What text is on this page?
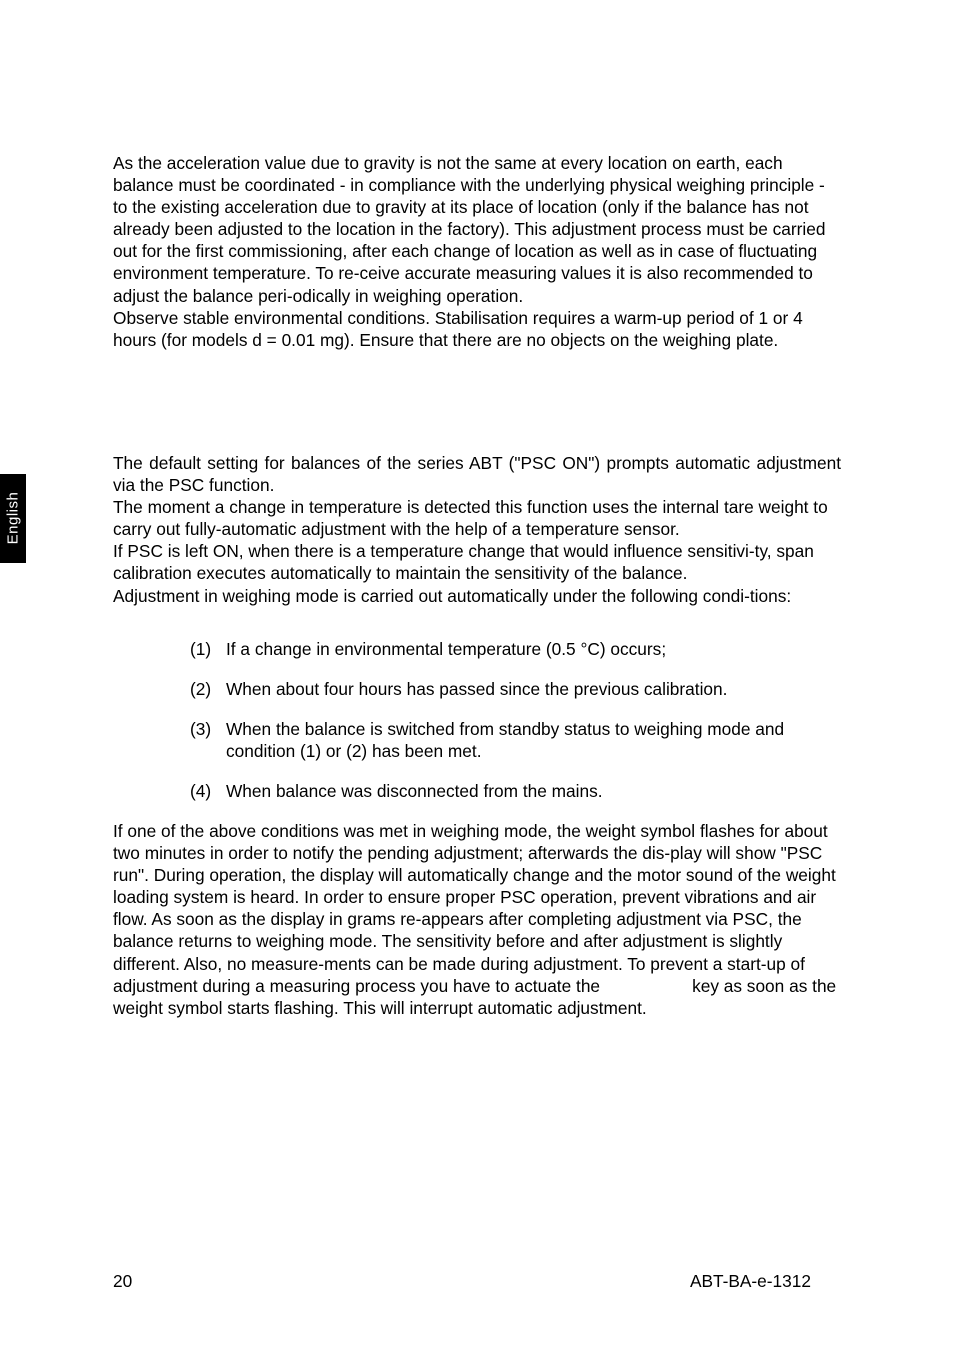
English

As the acceleration value due to gravity is not the same at every location on earth, each balance must be coordinated - in compliance with the underlying physical weighing principle - to the existing acceleration due to gravity at its place of location (only if the balance has not already been adjusted to the location in the factory). This adjustment process must be carried out for the first commissioning, after each change of location as well as in case of fluctuating environment temperature. To re-ceive accurate measuring values it is also recommended to adjust the balance peri-odically in weighing operation.

Observe stable environmental conditions. Stabilisation requires a warm-up period of 1 or 4 hours (for models d = 0.01 mg). Ensure that there are no objects on the weighing plate.

The default setting for balances of the series ABT ("PSC ON") prompts automatic adjustment via the PSC function.

The moment a change in temperature is detected this function uses the internal tare weight to carry out fully-automatic adjustment with the help of a temperature sensor.

If PSC is left ON, when there is a temperature change that would influence sensitivi-ty, span calibration executes automatically to maintain the sensitivity of the balance.

Adjustment in weighing mode is carried out automatically under the following condi-tions:

(1) If a change in environmental temperature (0.5 °C) occurs;
(2) When about four hours has passed since the previous calibration.
(3) When the balance is switched from standby status to weighing mode and condition (1) or (2) has been met.
(4) When balance was disconnected from the mains.

If one of the above conditions was met in weighing mode, the weight symbol flashes for about two minutes in order to notify the pending adjustment; afterwards the dis-play will show "PSC run". During operation, the display will automatically change and the motor sound of the weight loading system is heard. In order to ensure proper PSC operation, prevent vibrations and air flow. As soon as the display in grams re-appears after completing adjustment via PSC, the balance returns to weighing mode. The sensitivity before and after adjustment is slightly different. Also, no measure-ments can be made during adjustment. To prevent a start-up of adjustment during a measuring process you have to actuate the	key as soon as the weight symbol starts flashing. This will interrupt automatic adjustment.

20	ABT-BA-e-1312
